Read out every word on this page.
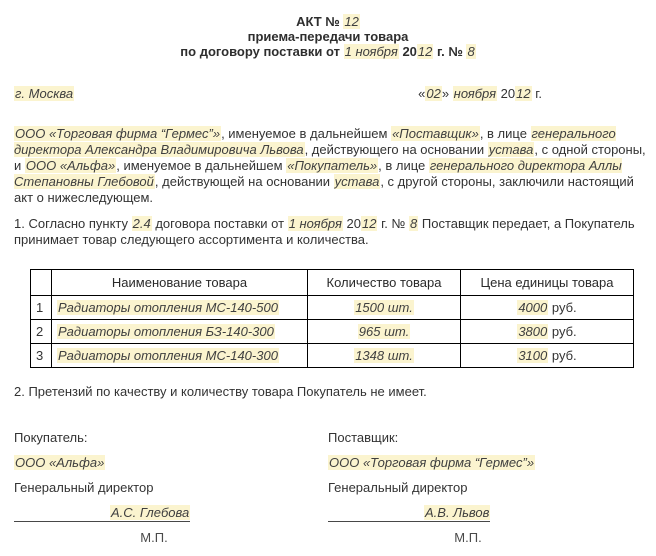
АКТ № 12
приема-передачи товара
по договору поставки от 1 ноября 2012 г. № 8
г. Москва	«02» ноября 2012 г.

ООО «Торговая фирма “Гермес”», именуемое в дальнейшем «Поставщик», в лице генерального директора Александра Владимировича Львова, действующего на основании устава, с одной стороны, и ООО «Альфа», именуемое в дальнейшем «Покупатель», в лице генерального директора Аллы Степановны Глебовой, действующей на основании устава, с другой стороны, заключили настоящий акт о нижеследующем.

1. Согласно пункту 2.4 договора поставки от 1 ноября 2012 г. № 8 Поставщик передает, а Покупатель принимает товар следующего ассортимента и количества.

	Наименование товара	Количество товара	Цена единицы товара
1	Радиаторы отопления МС-140-500	1500 шт.	4000 руб.
2	Радиаторы отопления БЗ-140-300	965 шт.	3800 руб.
3	Радиаторы отопления МС-140-300	1348 шт.	3100 руб.

2. Претензий по качеству и количеству товара Покупатель не имеет.

Покупатель:
ООО «Альфа»
Генеральный директор
А.С. Глебова
М.П.
Поставщик:
ООО «Торговая фирма “Гермес”»
Генеральный директор
А.В. Львов
М.П.
